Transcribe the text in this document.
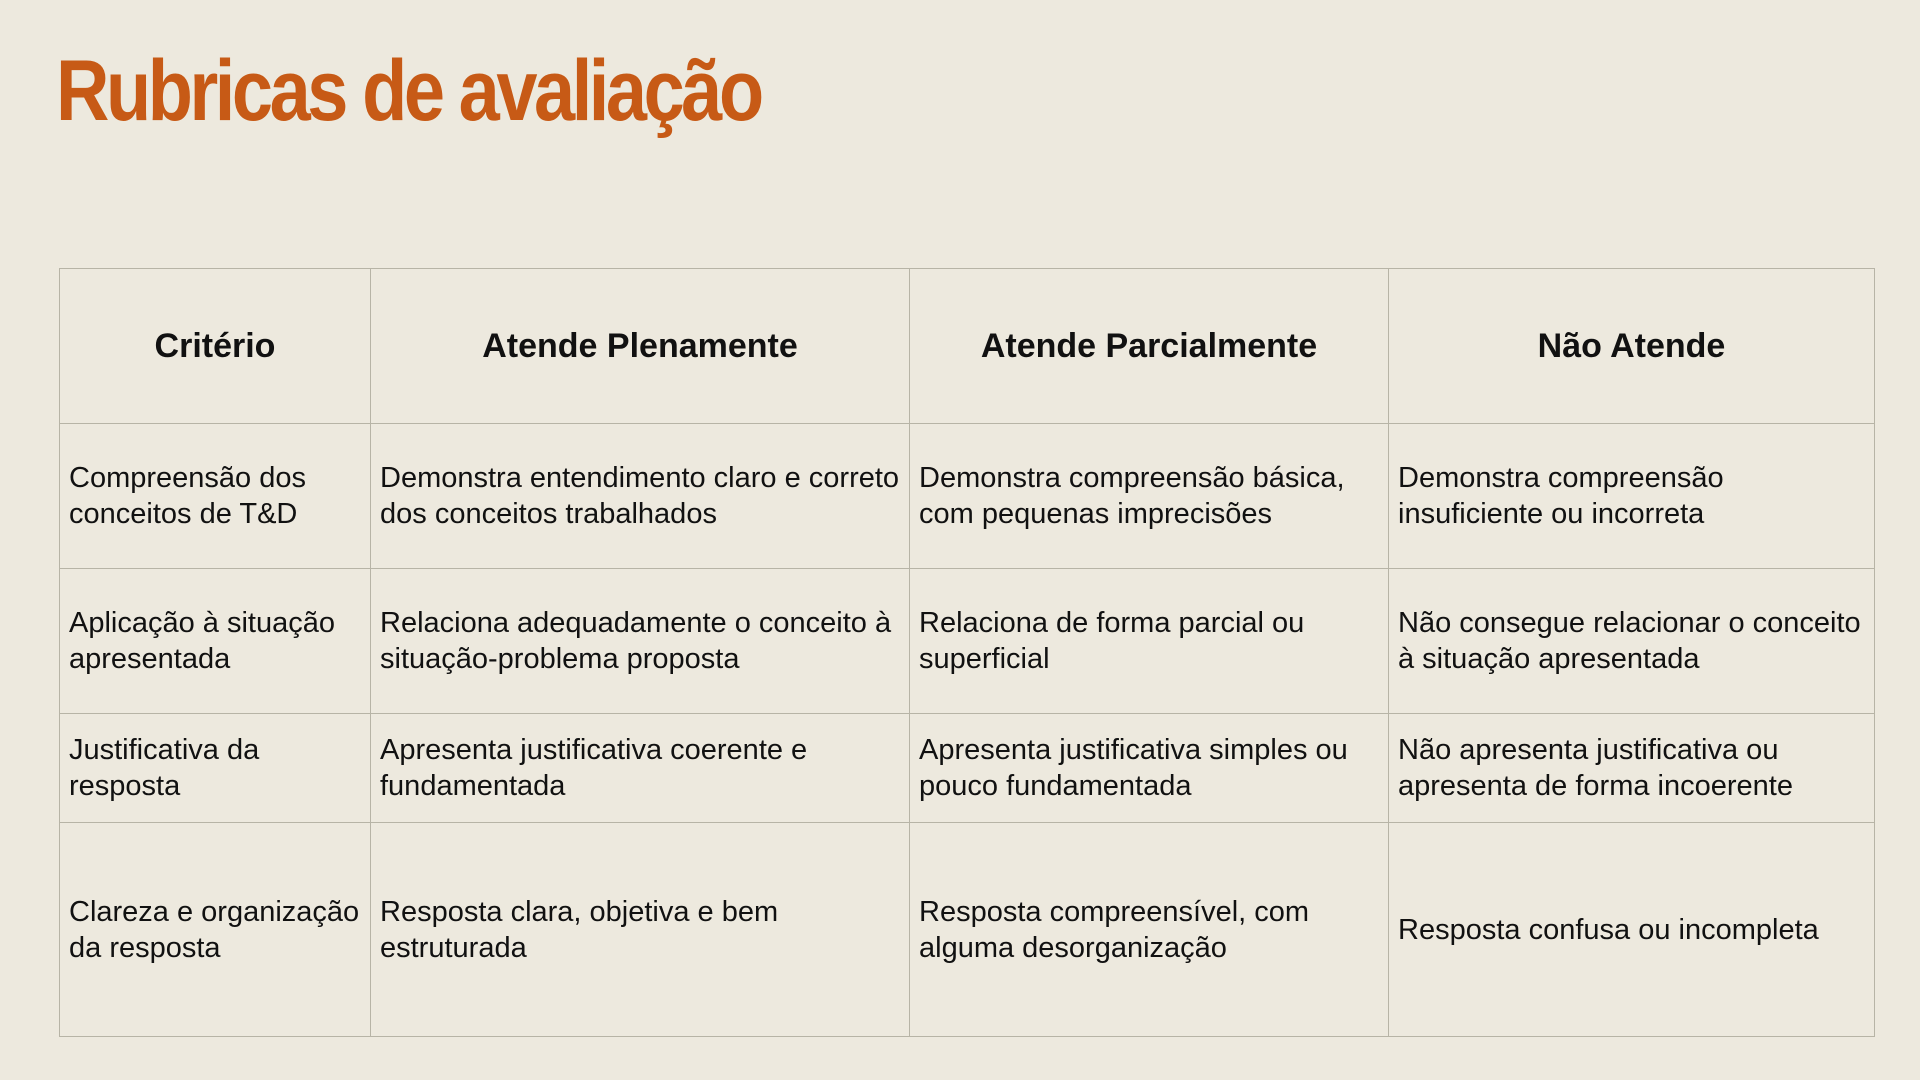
Rubricas de avaliação
Critério	Atende Plenamente	Atende Parcialmente	Não Atende
Compreensão dos conceitos de T&D	Demonstra entendimento claro e correto dos conceitos trabalhados	Demonstra compreensão básica, com pequenas imprecisões	Demonstra compreensão insuficiente ou incorreta
Aplicação à situação apresentada	Relaciona adequadamente o conceito à situação-problema proposta	Relaciona de forma parcial ou superficial	Não consegue relacionar o conceito à situação apresentada
Justificativa da resposta	Apresenta justificativa coerente e fundamentada	Apresenta justificativa simples ou pouco fundamentada	Não apresenta justificativa ou apresenta de forma incoerente
Clareza e organização da resposta	Resposta clara, objetiva e bem estruturada	Resposta compreensível, com alguma desorganização	Resposta confusa ou incompleta
